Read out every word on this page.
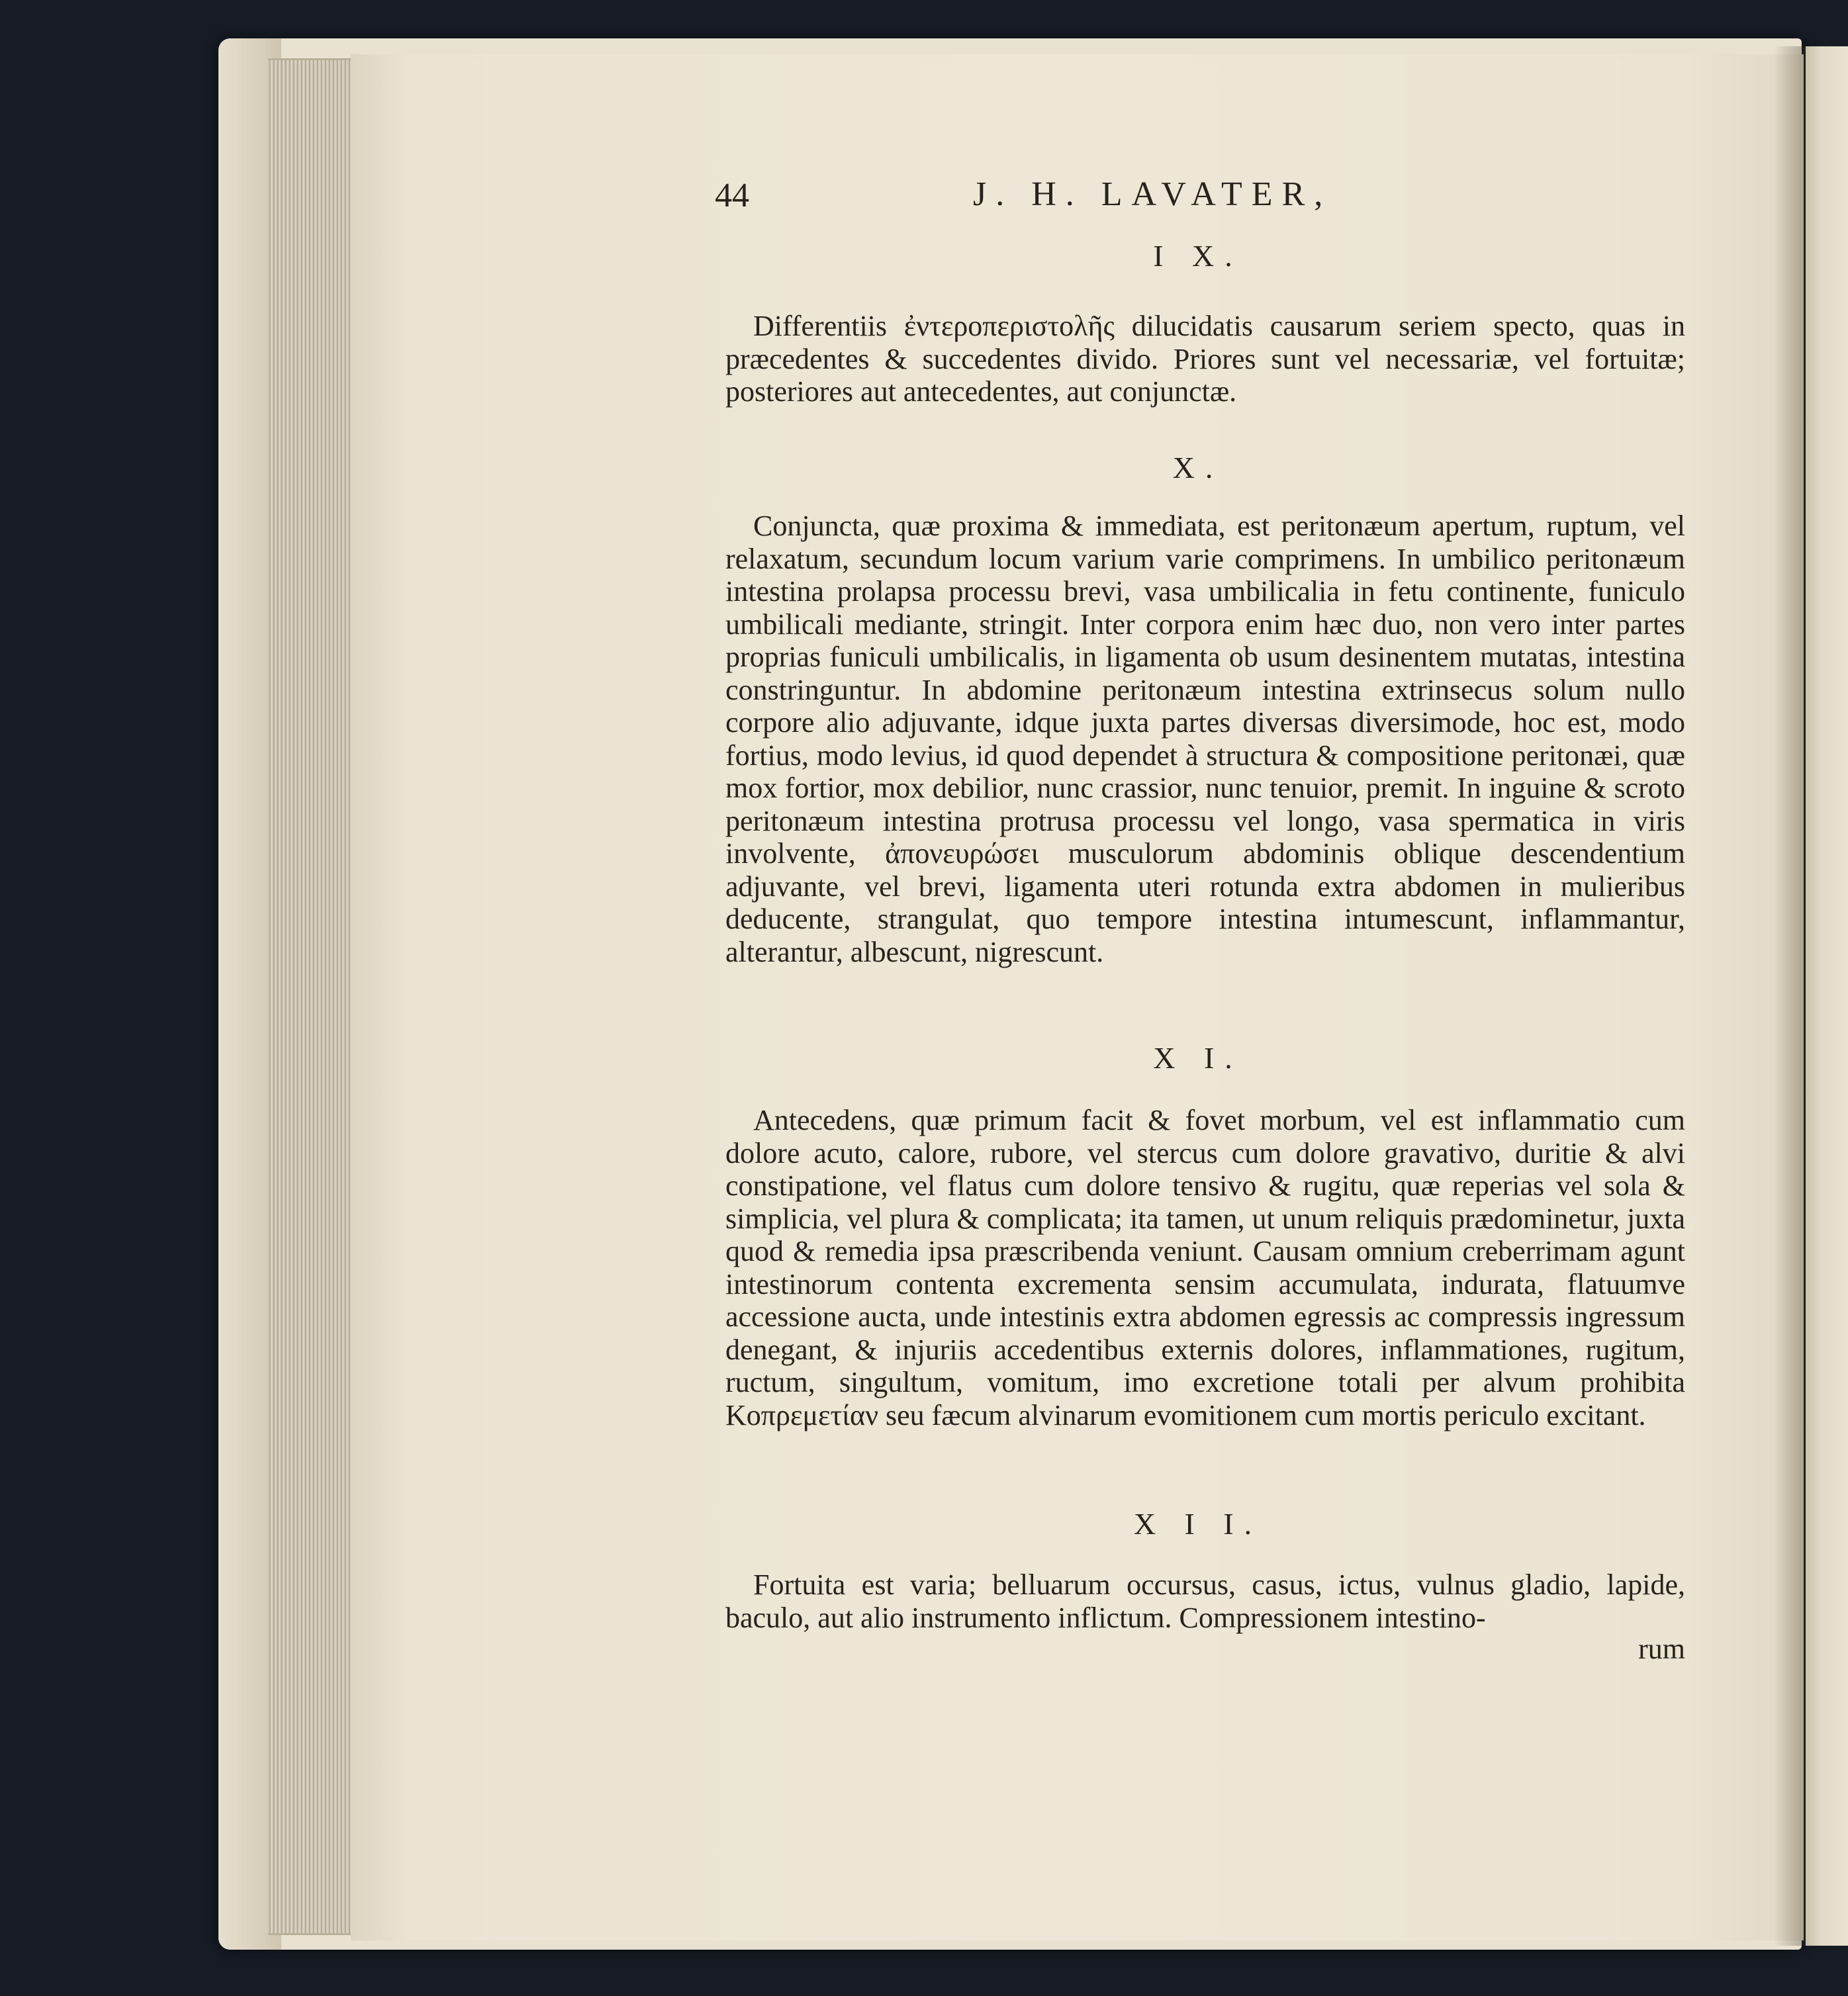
44	J. H. LAVATER,
I X.

Differentiis ἐντεροπεριστολῆς dilucidatis causarum seriem specto, quas in præcedentes & succedentes divido. Priores sunt vel necessariæ, vel fortuitæ; posteriores aut antecedentes, aut conjunctæ.

X.

Conjuncta, quæ proxima & immediata, est peritonæum apertum, ruptum, vel relaxatum, secundum locum varium varie comprimens. In umbilico peritonæum intestina prolapsa processu brevi, vasa umbilicalia in fetu continente, funiculo umbilicali mediante, stringit. Inter corpora enim hæc duo, non vero inter partes proprias funiculi umbilicalis, in ligamenta ob usum desinentem mutatas, intestina constringuntur. In abdomine peritonæum intestina extrinsecus solum nullo corpore alio adjuvante, idque juxta partes diversas diversimode, hoc est, modo fortius, modo levius, id quod dependet à structura & compositione peritonæi, quæ mox fortior, mox debilior, nunc crassior, nunc tenuior, premit. In inguine & scroto peritonæum intestina protrusa processu vel longo, vasa spermatica in viris involvente, ἀπονευρώσει musculorum abdominis oblique descendentium adjuvante, vel brevi, ligamenta uteri rotunda extra abdomen in mulieribus deducente, strangulat, quo tempore intestina intumescunt, inflammantur, alterantur, albescunt, nigrescunt.

X I.

Antecedens, quæ primum facit & fovet morbum, vel est inflammatio cum dolore acuto, calore, rubore, vel stercus cum dolore gravativo, duritie & alvi constipatione, vel flatus cum dolore tensivo & rugitu, quæ reperias vel sola & simplicia, vel plura & complicata; ita tamen, ut unum reliquis prædominetur, juxta quod & remedia ipsa præscribenda veniunt. Causam omnium creberrimam agunt intestinorum contenta excrementa sensim accumulata, indurata, flatuumve accessione aucta, unde intestinis extra abdomen egressis ac compressis ingressum denegant, & injuriis accedentibus externis dolores, inflammationes, rugitum, ructum, singultum, vomitum, imo excretione totali per alvum prohibita Κοπρεμετίαν seu fæcum alvinarum evomitionem cum mortis periculo excitant.

X I I.

Fortuita est varia; belluarum occursus, casus, ictus, vulnus gladio, lapide, baculo, aut alio instrumento inflictum. Compressionem intestino-

rum
